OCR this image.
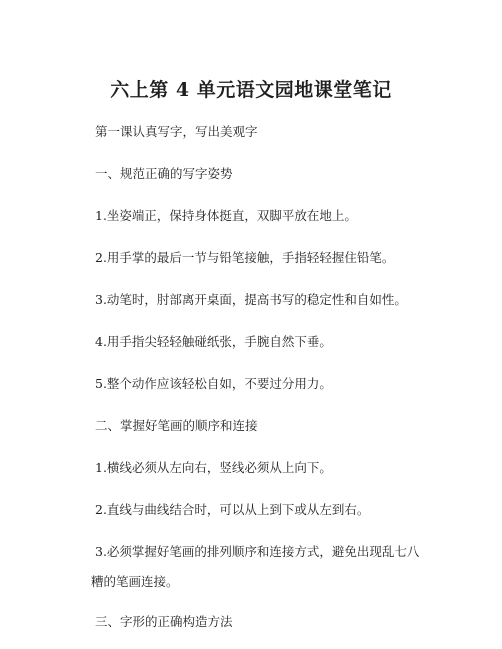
六上第 4 单元语文园地课堂笔记
第一课认真写字，写出美观字
一、规范正确的写字姿势
1.坐姿端正，保持身体挺直，双脚平放在地上。
2.用手掌的最后一节与铅笔接触，手指轻轻握住铅笔。
3.动笔时，肘部离开桌面，提高书写的稳定性和自如性。
4.用手指尖轻轻触碰纸张，手腕自然下垂。
5.整个动作应该轻松自如，不要过分用力。
二、掌握好笔画的顺序和连接
1.横线必须从左向右，竖线必须从上向下。
2.直线与曲线结合时，可以从上到下或从左到右。
3.必须掌握好笔画的排列顺序和连接方式，避免出现乱七八糟的笔画连接。
三、字形的正确构造方法
